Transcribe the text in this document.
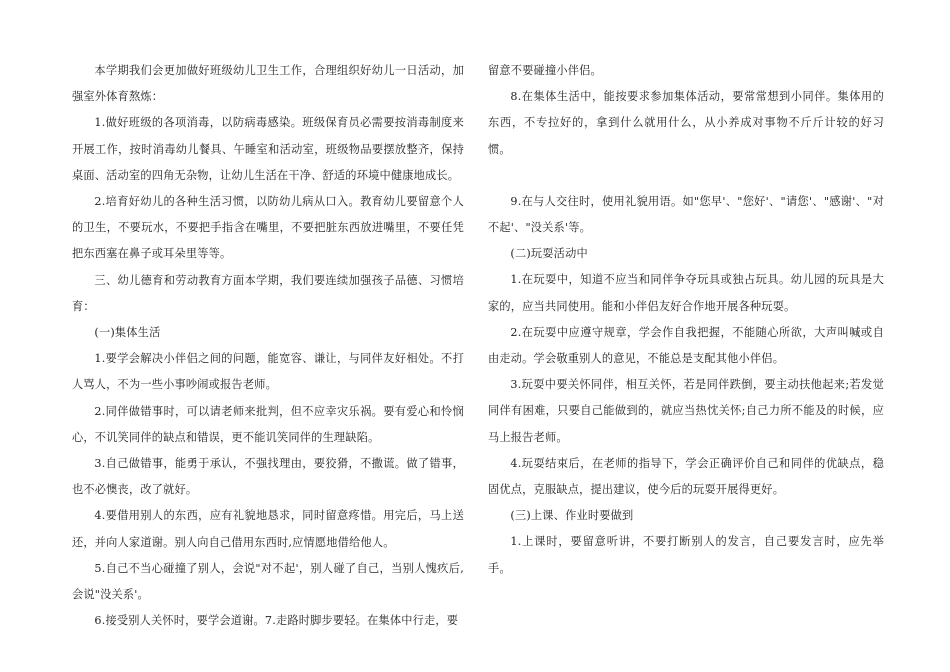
本学期我们会更加做好班级幼儿卫生工作，合理组织好幼儿一日活动，加强室外体育熬炼：

1.做好班级的各项消毒，以防病毒感染。班级保育员必需要按消毒制度来开展工作，按时消毒幼儿餐具、午睡室和活动室，班级物品要摆放整齐，保持桌面、活动室的四角无杂物，让幼儿生活在干净、舒适的环境中健康地成长。

2.培育好幼儿的各种生活习惯，以防幼儿病从口入。教育幼儿要留意个人的卫生，不要玩水，不要把手指含在嘴里，不要把脏东西放进嘴里，不要任凭把东西塞在鼻子或耳朵里等等。

三、幼儿德育和劳动教育方面本学期，我们要连续加强孩子品德、习惯培育：

(一)集体生活

1.要学会解决小伴侣之间的问题，能宽容、谦让，与同伴友好相处。不打人骂人，不为一些小事吵闹或报告老师。

2.同伴做错事时，可以请老师来批判，但不应幸灾乐祸。要有爱心和怜悯心，不讥笑同伴的缺点和错误，更不能讥笑同伴的生理缺陷。

3.自己做错事，能勇于承认，不强找理由，要狡猾，不撒谎。做了错事，也不必懊丧，改了就好。

4.要借用别人的东西，应有礼貌地恳求，同时留意疼惜。用完后，马上送还，并向人家道谢。别人向自己借用东西时,应情愿地借给他人。

5.自己不当心碰撞了别人，会说"对不起'，别人碰了自己，当别人愧疚后,会说"没关系'。

6.接受别人关怀时，要学会道谢。7.走路时脚步要轻。在集体中行走，要

留意不要碰撞小伴侣。

8.在集体生活中，能按要求参加集体活动，要常常想到小同伴。集体用的东西，不专拉好的，拿到什么就用什么，从小养成对事物不斤斤计较的好习惯。

9.在与人交往时，使用礼貌用语。如"您早'、"您好'、"请您'、"感谢'、"对不起'、"没关系'等。

(二)玩耍活动中

1.在玩耍中，知道不应当和同伴争夺玩具或独占玩具。幼儿园的玩具是大家的，应当共同使用。能和小伴侣友好合作地开展各种玩耍。

2.在玩耍中应遵守规章，学会作自我把握，不能随心所欲，大声叫喊或自由走动。学会敬重别人的意见，不能总是支配其他小伴侣。

3.玩耍中要关怀同伴，相互关怀，若是同伴跌倒，要主动扶他起来;若发觉同伴有困难，只要自己能做到的，就应当热忱关怀;自己力所不能及的时候，应马上报告老师。

4.玩耍结束后，在老师的指导下，学会正确评价自己和同伴的优缺点，稳固优点，克服缺点，提出建议，使今后的玩耍开展得更好。

(三)上课、作业时要做到

1.上课时，要留意听讲，不要打断别人的发言，自己要发言时，应先举手。
